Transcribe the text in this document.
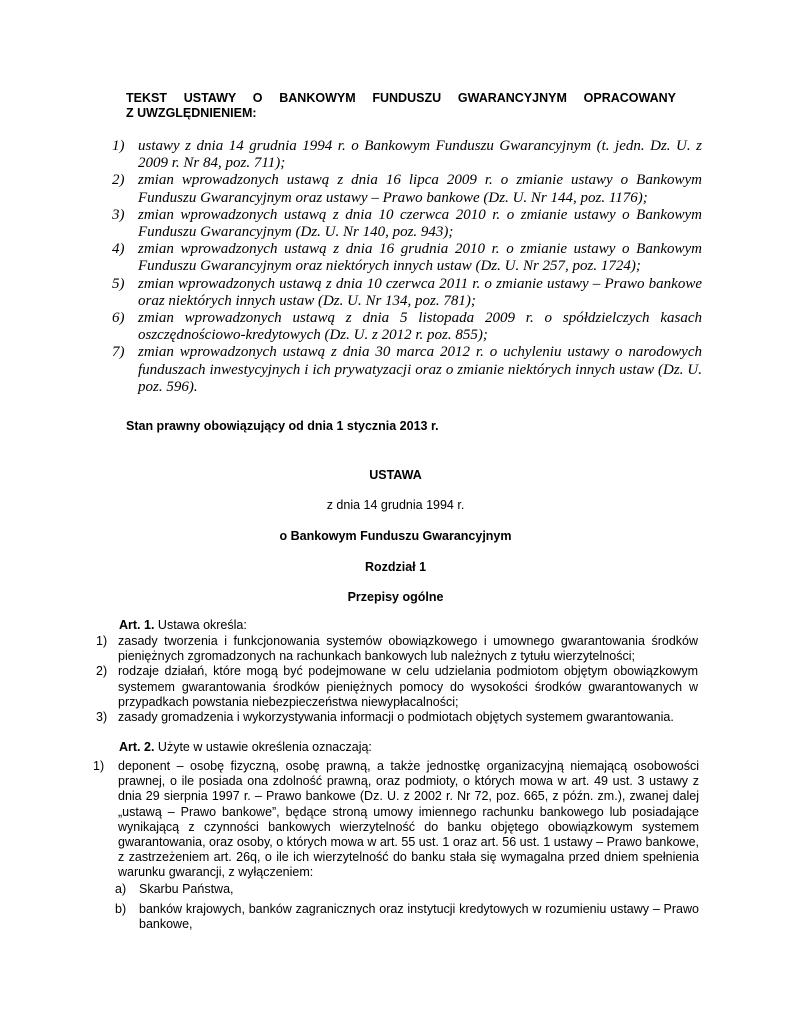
TEKST USTAWY O BANKOWYM FUNDUSZU GWARANCYJNYM OPRACOWANY

Z UWZGLĘDNIENIEM:

1) ustawy z dnia 14 grudnia 1994 r. o Bankowym Funduszu Gwarancyjnym (t. jedn. Dz. U. z 2009 r. Nr 84, poz. 711);
2) zmian wprowadzonych ustawą z dnia 16 lipca 2009 r. o zmianie ustawy o Bankowym Funduszu Gwarancyjnym oraz ustawy – Prawo bankowe (Dz. U. Nr 144, poz. 1176);
3) zmian wprowadzonych ustawą z dnia 10 czerwca 2010 r. o zmianie ustawy o Bankowym Funduszu Gwarancyjnym (Dz. U. Nr 140, poz. 943);
4) zmian wprowadzonych ustawą z dnia 16 grudnia 2010 r. o zmianie ustawy o Bankowym Funduszu Gwarancyjnym oraz niektórych innych ustaw (Dz. U. Nr 257, poz. 1724);
5) zmian wprowadzonych ustawą z dnia 10 czerwca 2011 r. o zmianie ustawy – Prawo bankowe oraz niektórych innych ustaw (Dz. U. Nr 134, poz. 781);
6) zmian wprowadzonych ustawą z dnia 5 listopada 2009 r. o spółdzielczych kasach oszczędnościowo-kredytowych (Dz. U. z 2012 r. poz. 855);
7) zmian wprowadzonych ustawą z dnia 30 marca 2012 r. o uchyleniu ustawy o narodowych funduszach inwestycyjnych i ich prywatyzacji oraz o zmianie niektórych innych ustaw (Dz. U. poz. 596).

Stan prawny obowiązujący od dnia 1 stycznia 2013 r.

USTAWA

z dnia 14 grudnia 1994 r.

o Bankowym Funduszu Gwarancyjnym

Rozdział 1

Przepisy ogólne

Art. 1. Ustawa określa:

1) zasady tworzenia i funkcjonowania systemów obowiązkowego i umownego gwarantowania środków pieniężnych zgromadzonych na rachunkach bankowych lub należnych z tytułu wierzytelności;
2) rodzaje działań, które mogą być podejmowane w celu udzielania podmiotom objętym obowiązkowym systemem gwarantowania środków pieniężnych pomocy do wysokości środków gwarantowanych w przypadkach powstania niebezpieczeństwa niewypłacalności;
3) zasady gromadzenia i wykorzystywania informacji o podmiotach objętych systemem gwarantowania.

Art. 2. Użyte w ustawie określenia oznaczają:

1) deponent – osobę fizyczną, osobę prawną, a także jednostkę organizacyjną niemającą osobowości prawnej, o ile posiada ona zdolność prawną, oraz podmioty, o których mowa w art. 49 ust. 3 ustawy z dnia 29 sierpnia 1997 r. – Prawo bankowe (Dz. U. z 2002 r. Nr 72, poz. 665, z późn. zm.), zwanej dalej „ustawą – Prawo bankowe”, będące stroną umowy imiennego rachunku bankowego lub posiadające wynikającą z czynności bankowych wierzytelność do banku objętego obowiązkowym systemem gwarantowania, oraz osoby, o których mowa w art. 55 ust. 1 oraz art. 56 ust. 1 ustawy – Prawo bankowe, z zastrzeżeniem art. 26q, o ile ich wierzytelność do banku stała się wymagalna przed dniem spełnienia warunku gwarancji, z wyłączeniem:
a) Skarbu Państwa,
b) banków krajowych, banków zagranicznych oraz instytucji kredytowych w rozumieniu ustawy – Prawo bankowe,
